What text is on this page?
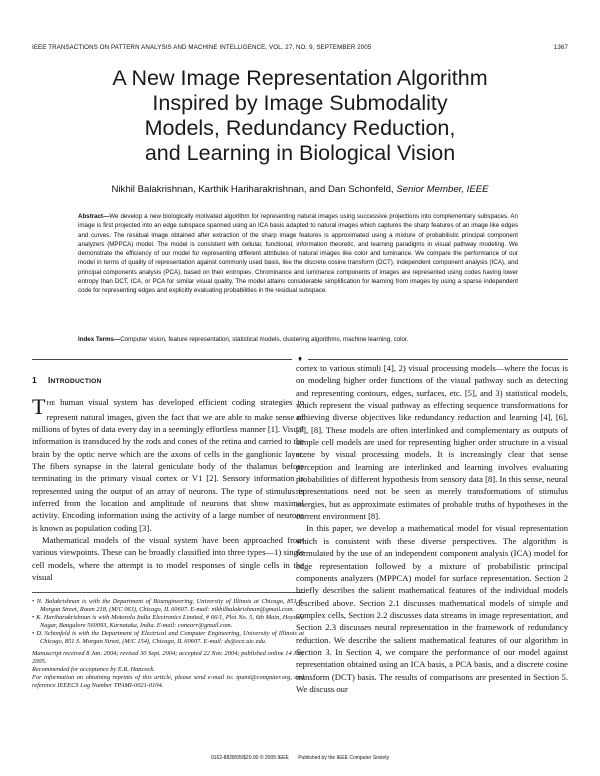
IEEE TRANSACTIONS ON PATTERN ANALYSIS AND MACHINE INTELLIGENCE, VOL. 27, NO. 9, SEPTEMBER 2005	1367
A New Image Representation Algorithm
Inspired by Image Submodality
Models, Redundancy Reduction,
and Learning in Biological Vision
Nikhil Balakrishnan, Karthik Hariharakrishnan, and Dan Schonfeld, Senior Member, IEEE
Abstract—We develop a new biologically motivated algorithm for representing natural images using successive projections into complementary subspaces. An image is first projected into an edge subspace spanned using an ICA basis adapted to natural images which captures the sharp features of an image like edges and curves. The residual image obtained after extraction of the sharp image features is approximated using a mixture of probabilistic principal component analyzers (MPPCA) model. The model is consistent with cellular, functional, information theoretic, and learning paradigms in visual pathway modeling. We demonstrate the efficiency of our model for representing different attributes of natural images like color and luminance. We compare the performance of our model in terms of quality of representation against commonly used basis, like the discrete cosine transform (DCT), independent component analysis (ICA), and principal components analysis (PCA), based on their entropies. Chrominance and luminance components of images are represented using codes having lower entropy than DCT, ICA, or PCA for similar visual quality. The model attains considerable simplification for learning from images by using a sparse independent code for representing edges and explicitly evaluating probabilities in the residual subspace.
Index Terms—Computer vision, feature representation, statistical models, clustering algorithms, machine learning, color.
♦
1 INTRODUCTION

THE human visual system has developed efficient coding strategies to represent natural images, given the fact that we are able to make sense of millions of bytes of data every day in a seemingly effortless manner [1]. Visual information is transduced by the rods and cones of the retina and carried to the brain by the optic nerve which are the axons of cells in the ganglionic layer. The fibers synapse in the lateral geniculate body of the thalamus before terminating in the primary visual cortex or V1 [2]. Sensory information is represented using the output of an array of neurons. The type of stimulus is inferred from the location and amplitude of neurons that show maximal activity. Encoding information using the activity of a large number of neurons is known as population coding [3].

Mathematical models of the visual system have been approached from various viewpoints. These can be broadly classified into three types—1) single cell models, where the attempt is to model responses of single cells in the visual

• N. Balakrishnan is with the Department of Bioengineering, University of Illinois at Chicago, 851 S. Morgan Street, Room 218, (M/C 063), Chicago, IL 60607. E-mail: nikhilbalakrishnan@gmail.com.

• K. Hariharakrishnan is with Motorola India Electronics Limited, # 66/1, Plot No. 5, 6th Main, Hoysala Nagar, Bangalore 560093, Karnataka, India. E-mail: conearr@gmail.com.

• D. Schonfeld is with the Department of Electrical and Computer Engineering, University of Illinois at Chicago, 851 S. Morgan Street, (M/C 154), Chicago, IL 60607. E-mail: ds@ece.uic.edu.

Manuscript received 8 Jan. 2004; revised 30 Sept. 2004; accepted 22 Nov. 2004; published online 14 July 2005.

Recommended for acceptance by E.R. Hancock.

For information on obtaining reprints of this article, please send e-mail to: tpami@computer.org, and reference IEEECS Log Number TPAMI-0021-0104.

cortex to various stimuli [4], 2) visual processing models—where the focus is on modeling higher order functions of the visual pathway such as detecting and representing contours, edges, surfaces, etc. [5], and 3) statistical models, which represent the visual pathway as effecting sequence transformations for achieving diverse objectives like redundancy reduction and learning [4], [6], [7], [8]. These models are often interlinked and complementary as outputs of simple cell models are used for representing higher order structure in a visual scene by visual processing models. It is increasingly clear that sense perception and learning are interlinked and learning involves evaluating probabilities of different hypothesis from sensory data [8]. In this sense, neural representations need not be seen as merely transformations of stimulus energies, but as approximate estimates of probable truths of hypotheses in the current environment [8].

In this paper, we develop a mathematical model for visual representation which is consistent with these diverse perspectives. The algorithm is formulated by the use of an independent component analysis (ICA) model for edge representation followed by a mixture of probabilistic principal components analyzers (MPPCA) model for surface representation. Section 2 briefly describes the salient mathematical features of the individual models described above. Section 2.1 discusses mathematical models of simple and complex cells, Section 2.2 discusses data streams in image representation, and Section 2.3 discusses neural representation in the framework of redundancy reduction. We describe the salient mathematical features of our algorithm in Section 3. In Section 4, we compare the performance of our model against representation obtained using an ICA basis, a PCA basis, and a discrete cosine transform (DCT) basis. The results of comparisons are presented in Section 5. We discuss our

0162-8828/05/$20.00 © 2005 IEEE Published by the IEEE Computer Society
